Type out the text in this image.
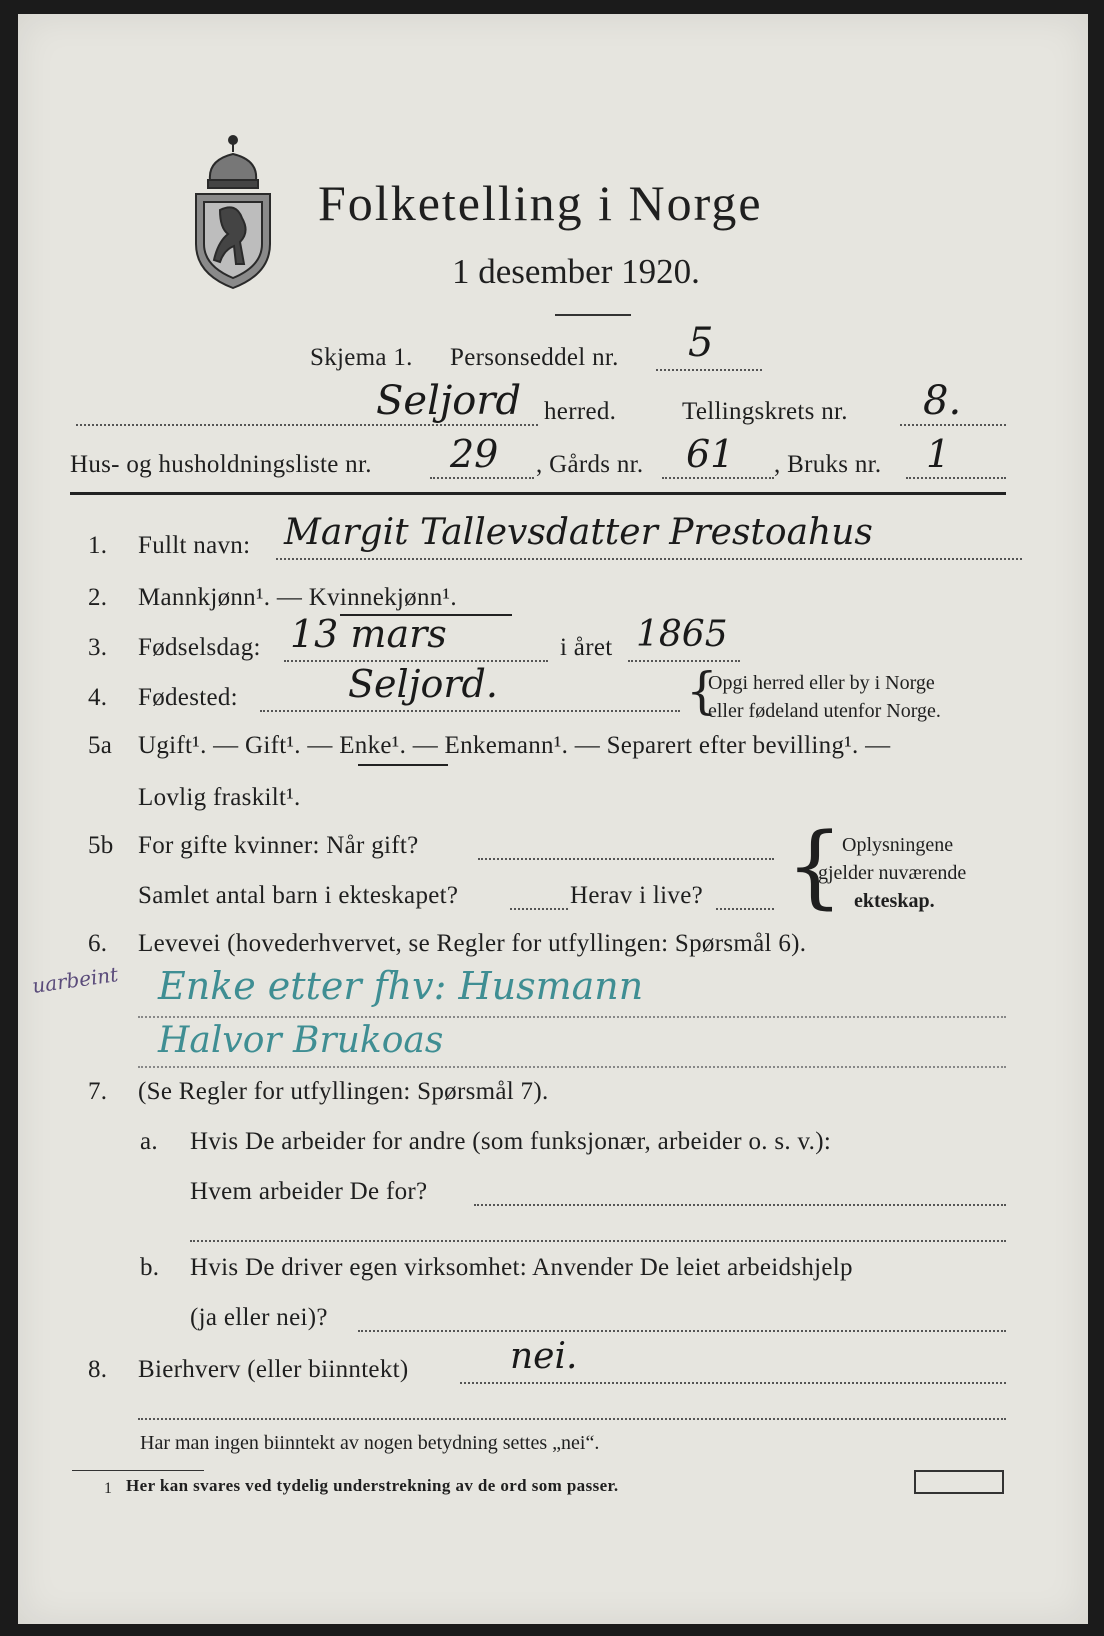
Folketelling i Norge
1 desember 1920.
Skjema 1. Personseddel nr. 5
Seljord herred.	Tellingskrets nr. 8.
Hus- og husholdningsliste nr. 29 , Gårds nr. 61 , Bruks nr. 1
1. Fullt navn: Margit Tallevsdatter Prestoahus
2. Mannkjønn¹. — Kvinnekjønn¹.
3. Fødselsdag: 13 mars	i året 1865
4. Fødested:	Seljord.	{
Opgi herred eller by i Norge
eller fødeland utenfor Norge.
5a Ugift¹. — Gift¹. — Enke¹. — Enkemann¹. — Separert efter bevilling¹. —
Lovlig fraskilt¹.
5b For gifte kvinner: Når gift?
Samlet antal barn i ekteskapet?	Herav i live? {
Oplysningene
gjelder nuværende
ekteskap.
6. Levevei (hovederhvervet, se Regler for utfyllingen: Spørsmål 6).
uarbeint Enke etter fhv: Husmann
Halvor Brukoas
7. (Se Regler for utfyllingen: Spørsmål 7).
a. Hvis De arbeider for andre (som funksjonær, arbeider o. s. v.):
Hvem arbeider De for?
b. Hvis De driver egen virksomhet: Anvender De leiet arbeidshjelp
(ja eller nei)?
8. Bierhverv (eller biinntekt)	nei.
Har man ingen biinntekt av nogen betydning settes „nei“.
1 Her kan svares ved tydelig understrekning av de ord som passer.
